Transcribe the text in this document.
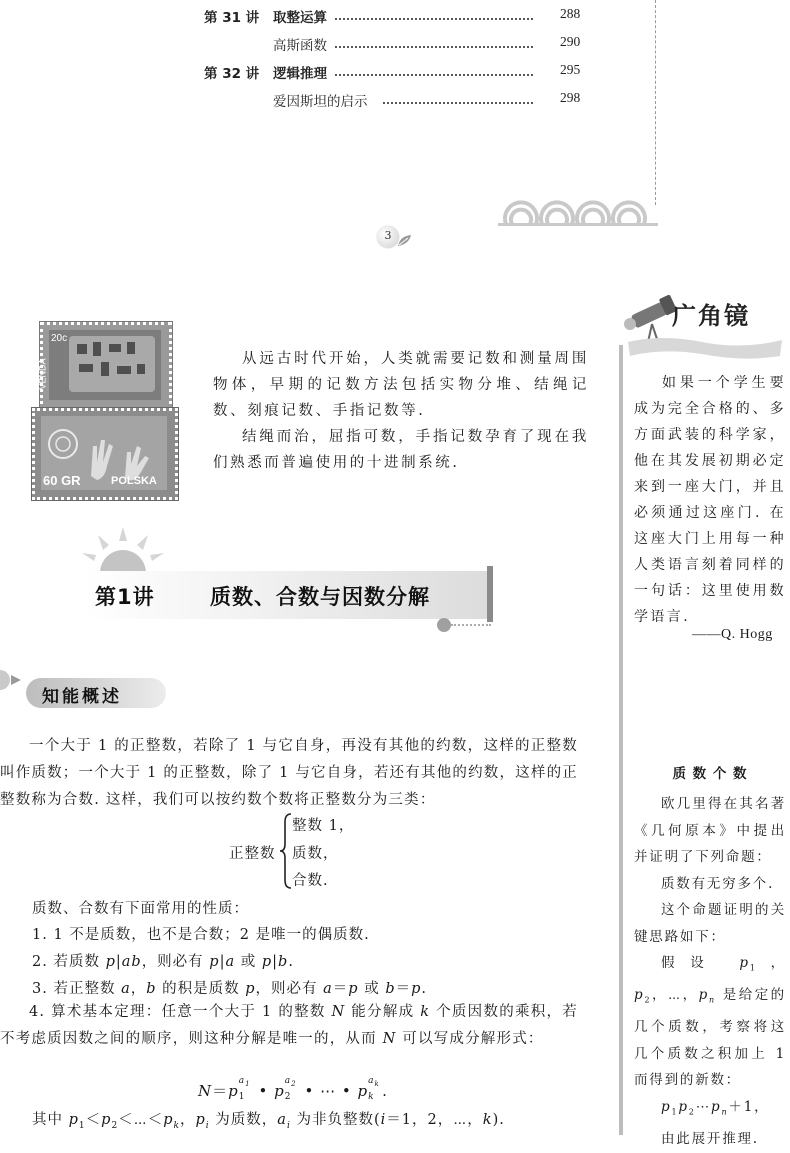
第 31 讲 取整运算	288
高斯函数	290
第 32 讲 逻辑推理	295
爱因斯坦的启示	298
3
20c
VENDA
60 GR	POLSKA

从远古时代开始，人类就需要记数和测量周围物体，早期的记数方法包括实物分堆、结绳记数、刻痕记数、手指记数等.

结绳而治，屈指可数，手指记数孕育了现在我们熟悉而普遍使用的十进制系统.

第1讲	质数、合数与因数分解
知能概述

一个大于 1 的正整数，若除了 1 与它自身，再没有其他的约数，这样的正整数叫作质数；一个大于 1 的正整数，除了 1 与它自身，若还有其他的约数，这样的正整数称为合数. 这样，我们可以按约数个数将正整数分为三类：

正整数
整数 1，
质数，
合数.
质数、合数有下面常用的性质：
1. 1 不是质数，也不是合数；2 是唯一的偶质数.
2. 若质数 p|ab，则必有 p|a 或 p|b.
3. 若正整数 a，b 的积是质数 p，则必有 a＝p 或 b＝p.

4. 算术基本定理：任意一个大于 1 的整数 N 能分解成 k 个质因数的乘积，若不考虑质因数之间的顺序，则这种分解是唯一的，从而 N 可以写成分解形式：

N＝p
$a_1$
1 • p
$a_2$
2 • ⋯ • p
$a_k$
k .
其中 $p_1<p_2<\cdots<p_k$，$p_i$ 为质数，$a_i$ 为非负整数(i＝1，2，⋯，k).
广角镜

如果一个学生要成为完全合格的、多方面武装的科学家，他在其发展初期必定来到一座大门，并且必须通过这座门. 在这座大门上用每一种人类语言刻着同样的一句话：这里使用数学语言.

——Q. Hogg
质 数 个 数

欧几里得在其名著《几何原本》中提出并证明了下列命题：

质数有无穷多个.

这个命题证明的关键思路如下：

假设 $p_1$，$p_2$，⋯，$p_n$ 是给定的几个质数，考察将这几个质数之积加上 1 而得到的新数：

$p_1p_2\cdots p_n+1$，

由此展开推理.
